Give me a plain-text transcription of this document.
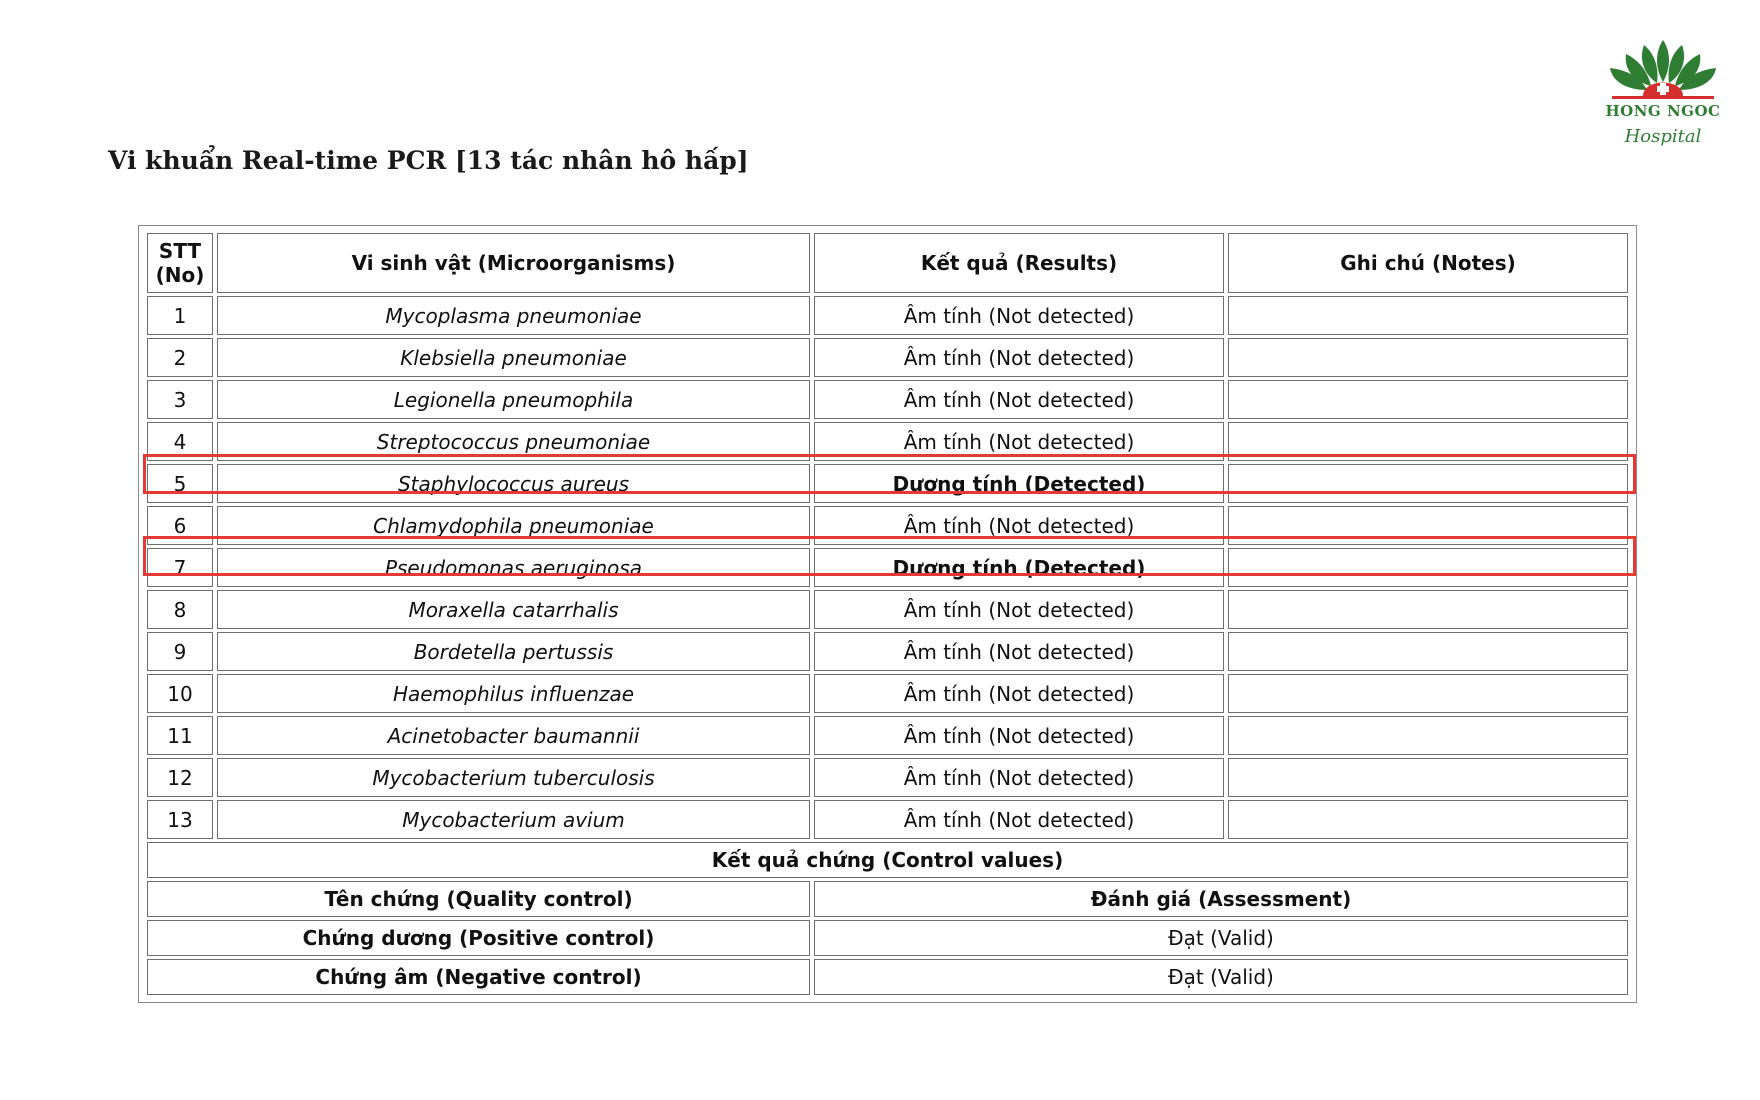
Vi khuẩn Real-time PCR [13 tác nhân hô hấp]
HONG NGOC
Hospital
STT
(No)	Vi sinh vật (Microorganisms)	Kết quả (Results)	Ghi chú (Notes)
1	Mycoplasma pneumoniae	Âm tính (Not detected)	
2	Klebsiella pneumoniae	Âm tính (Not detected)	
3	Legionella pneumophila	Âm tính (Not detected)	
4	Streptococcus pneumoniae	Âm tính (Not detected)	
5	Staphylococcus aureus	Dương tính (Detected)	
6	Chlamydophila pneumoniae	Âm tính (Not detected)	
7	Pseudomonas aeruginosa	Dương tính (Detected)	
8	Moraxella catarrhalis	Âm tính (Not detected)	
9	Bordetella pertussis	Âm tính (Not detected)	
10	Haemophilus influenzae	Âm tính (Not detected)	
11	Acinetobacter baumannii	Âm tính (Not detected)	
12	Mycobacterium tuberculosis	Âm tính (Not detected)	
13	Mycobacterium avium	Âm tính (Not detected)	
Kết quả chứng (Control values)			
Tên chứng (Quality control)		Đánh giá (Assessment)	
Chứng dương (Positive control)		Đạt (Valid)	
Chứng âm (Negative control)		Đạt (Valid)	
